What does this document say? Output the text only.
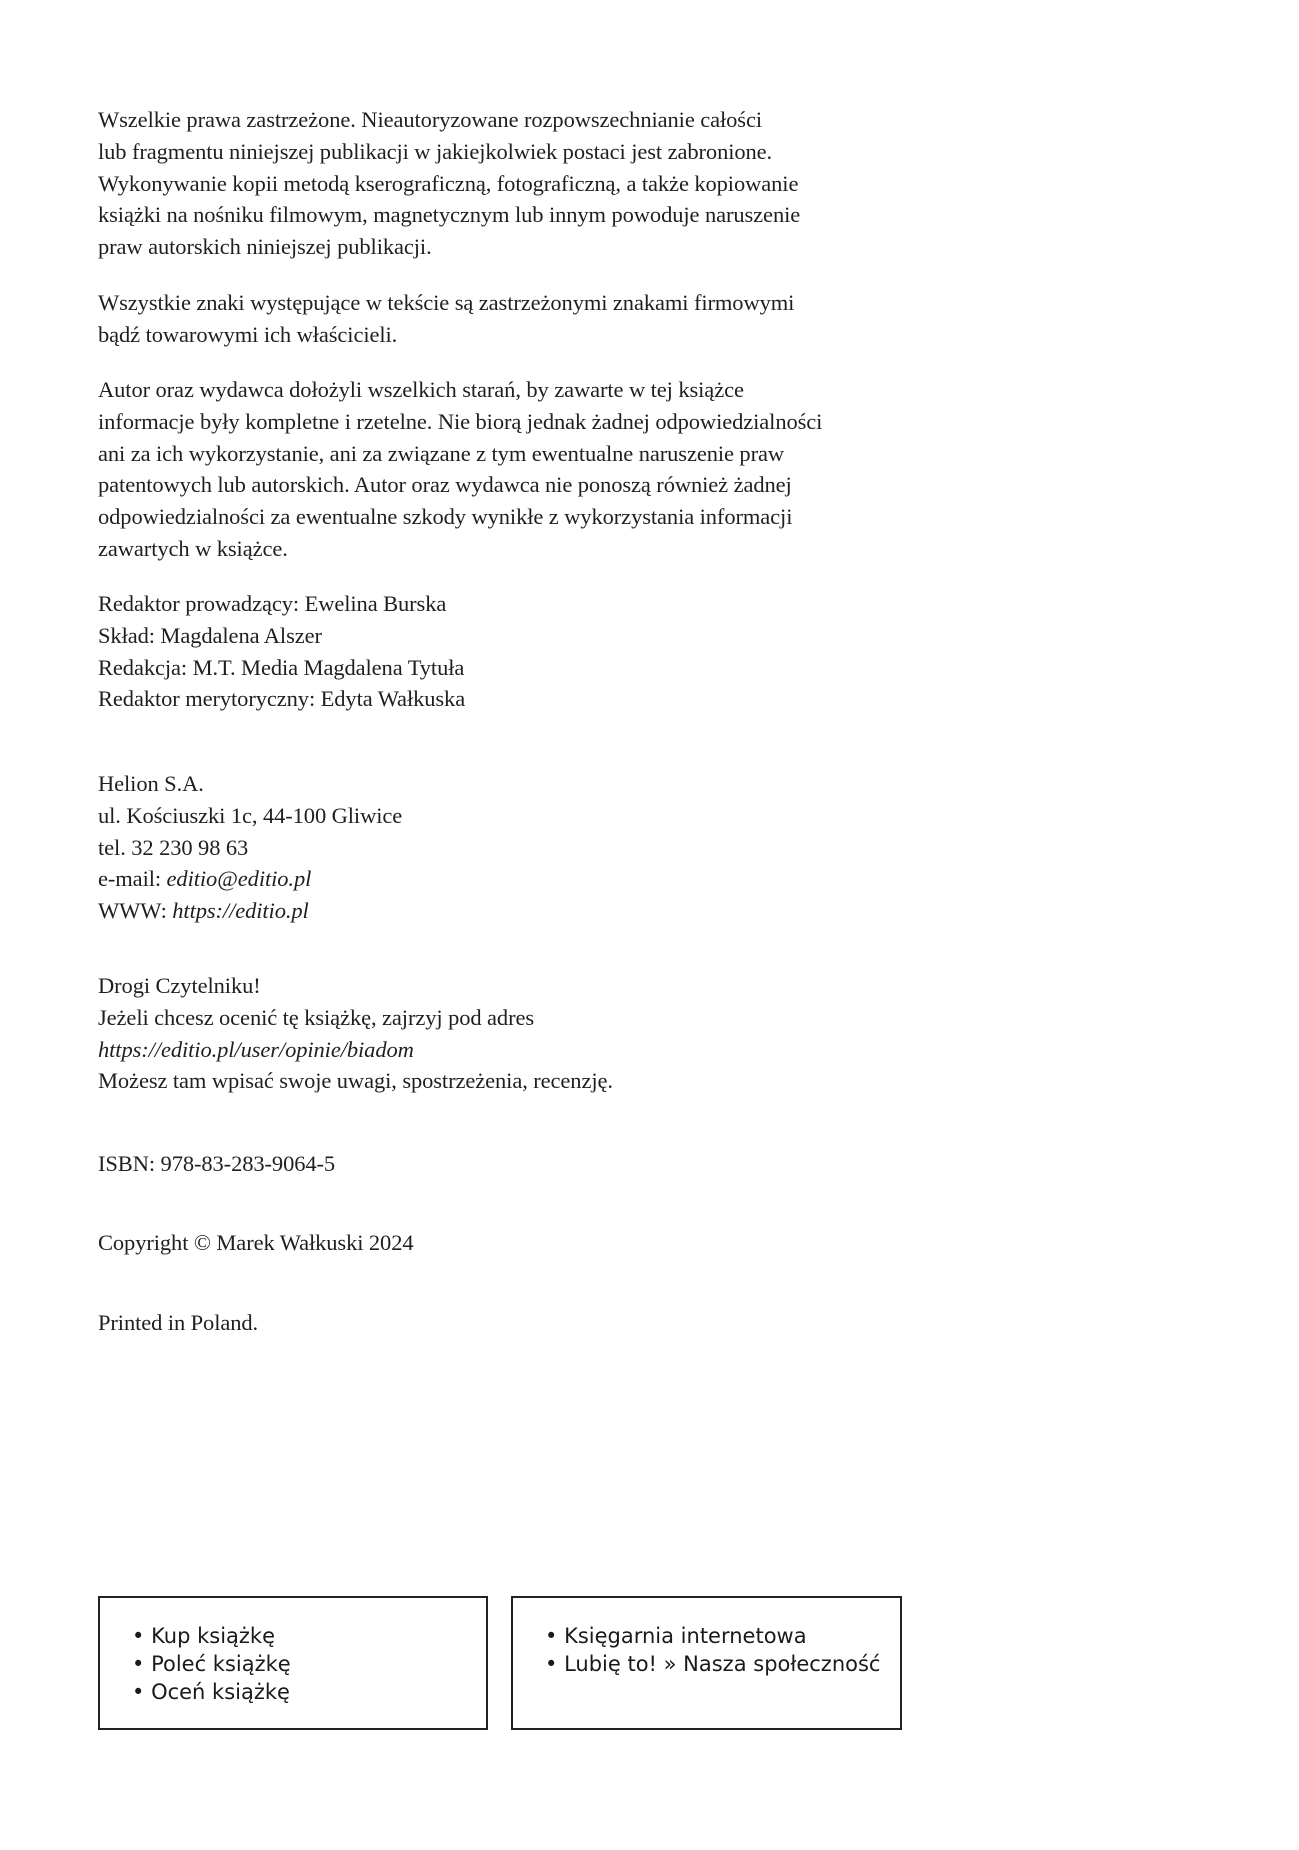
Wszelkie prawa zastrzeżone. Nieautoryzowane rozpowszechnianie całości
lub fragmentu niniejszej publikacji w jakiejkolwiek postaci jest zabronione.
Wykonywanie kopii metodą kserograficzną, fotograficzną, a także kopiowanie
książki na nośniku filmowym, magnetycznym lub innym powoduje naruszenie
praw autorskich niniejszej publikacji.
Wszystkie znaki występujące w tekście są zastrzeżonymi znakami firmowymi
bądź towarowymi ich właścicieli.
Autor oraz wydawca dołożyli wszelkich starań, by zawarte w tej książce
informacje były kompletne i rzetelne. Nie biorą jednak żadnej odpowiedzialności
ani za ich wykorzystanie, ani za związane z tym ewentualne naruszenie praw
patentowych lub autorskich. Autor oraz wydawca nie ponoszą również żadnej
odpowiedzialności za ewentualne szkody wynikłe z wykorzystania informacji
zawartych w książce.
Redaktor prowadzący: Ewelina Burska
Skład: Magdalena Alszer
Redakcja: M.T. Media Magdalena Tytuła
Redaktor merytoryczny: Edyta Wałkuska
Helion S.A.
ul. Kościuszki 1c, 44-100 Gliwice
tel. 32 230 98 63
e-mail: editio@editio.pl
WWW: https://editio.pl
Drogi Czytelniku!
Jeżeli chcesz ocenić tę książkę, zajrzyj pod adres
https://editio.pl/user/opinie/biadom
Możesz tam wpisać swoje uwagi, spostrzeżenia, recenzję.
ISBN: 978-83-283-9064-5
Copyright © Marek Wałkuski 2024
Printed in Poland.
• Kup książkę
• Poleć książkę
• Oceń książkę
• Księgarnia internetowa
• Lubię to! » Nasza społeczność
